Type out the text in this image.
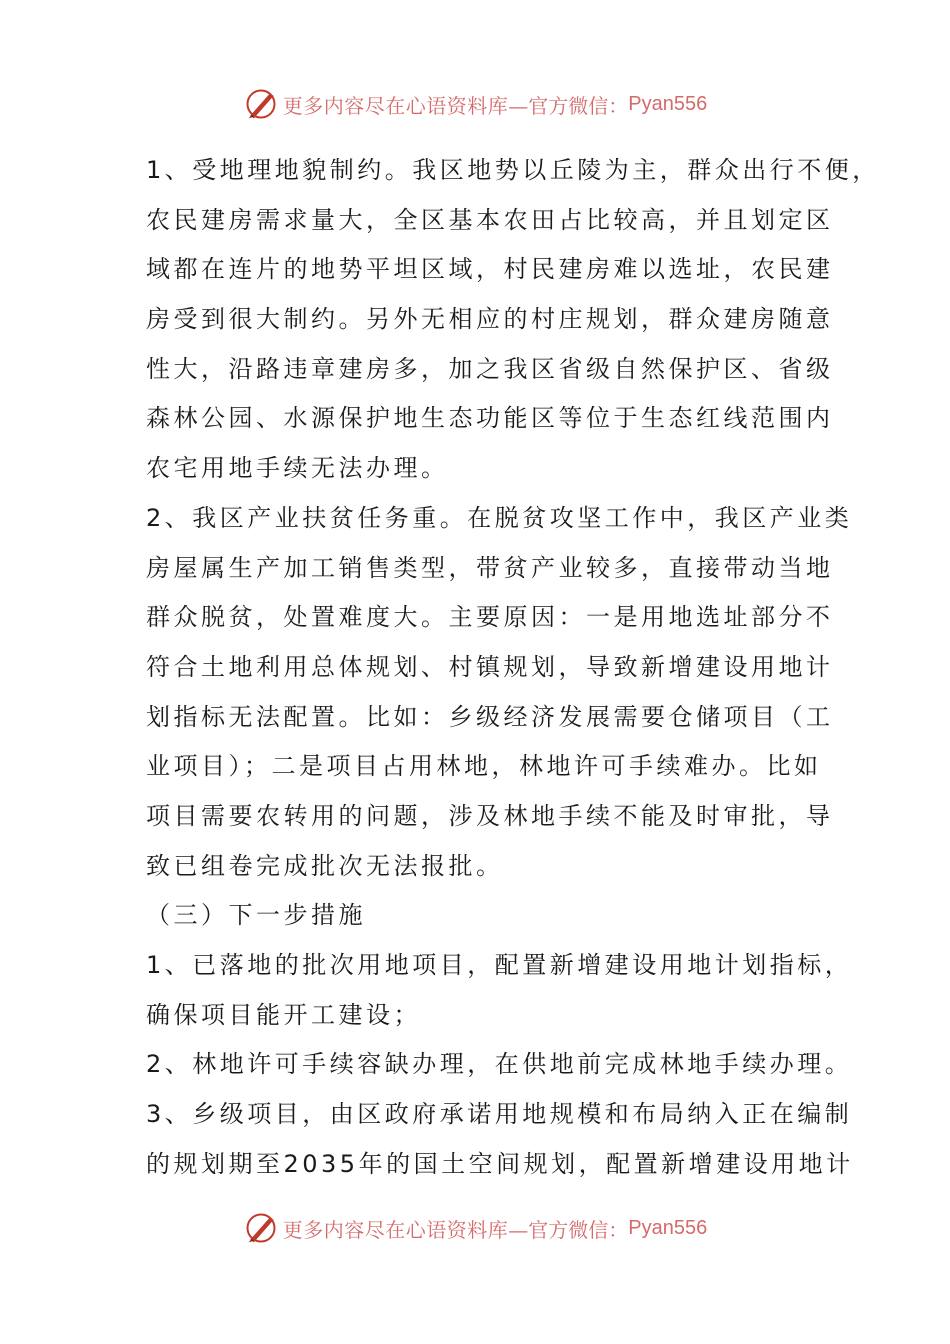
更多内容尽在心语资料库 —官方微信： Pyan556
1、受地理地貌制约。我区地势以丘陵为主，群众出行不便，
农民建房需求量大，全区基本农田占比较高，并且划定区
域都在连片的地势平坦区域，村民建房难以选址，农民建
房受到很大制约。另外无相应的村庄规划，群众建房随意
性大，沿路违章建房多，加之我区省级自然保护区、省级
森林公园、水源保护地生态功能区等位于生态红线范围内
农宅用地手续无法办理。
2、我区产业扶贫任务重。在脱贫攻坚工作中，我区产业类
房屋属生产加工销售类型，带贫产业较多，直接带动当地
群众脱贫，处置难度大。主要原因：一是用地选址部分不
符合土地利用总体规划、村镇规划，导致新增建设用地计
划指标无法配置。比如：乡级经济发展需要仓储项目（工
业项目）；二是项目占用林地，林地许可手续难办。比如
项目需要农转用的问题，涉及林地手续不能及时审批，导
致已组卷完成批次无法报批。
（三）下一步措施
1、已落地的批次用地项目，配置新增建设用地计划指标，
确保项目能开工建设；
2、林地许可手续容缺办理，在供地前完成林地手续办理。
3、乡级项目，由区政府承诺用地规模和布局纳入正在编制
的规划期至2035年的国土空间规划，配置新增建设用地计
更多内容尽在心语资料库 —官方微信： Pyan556
